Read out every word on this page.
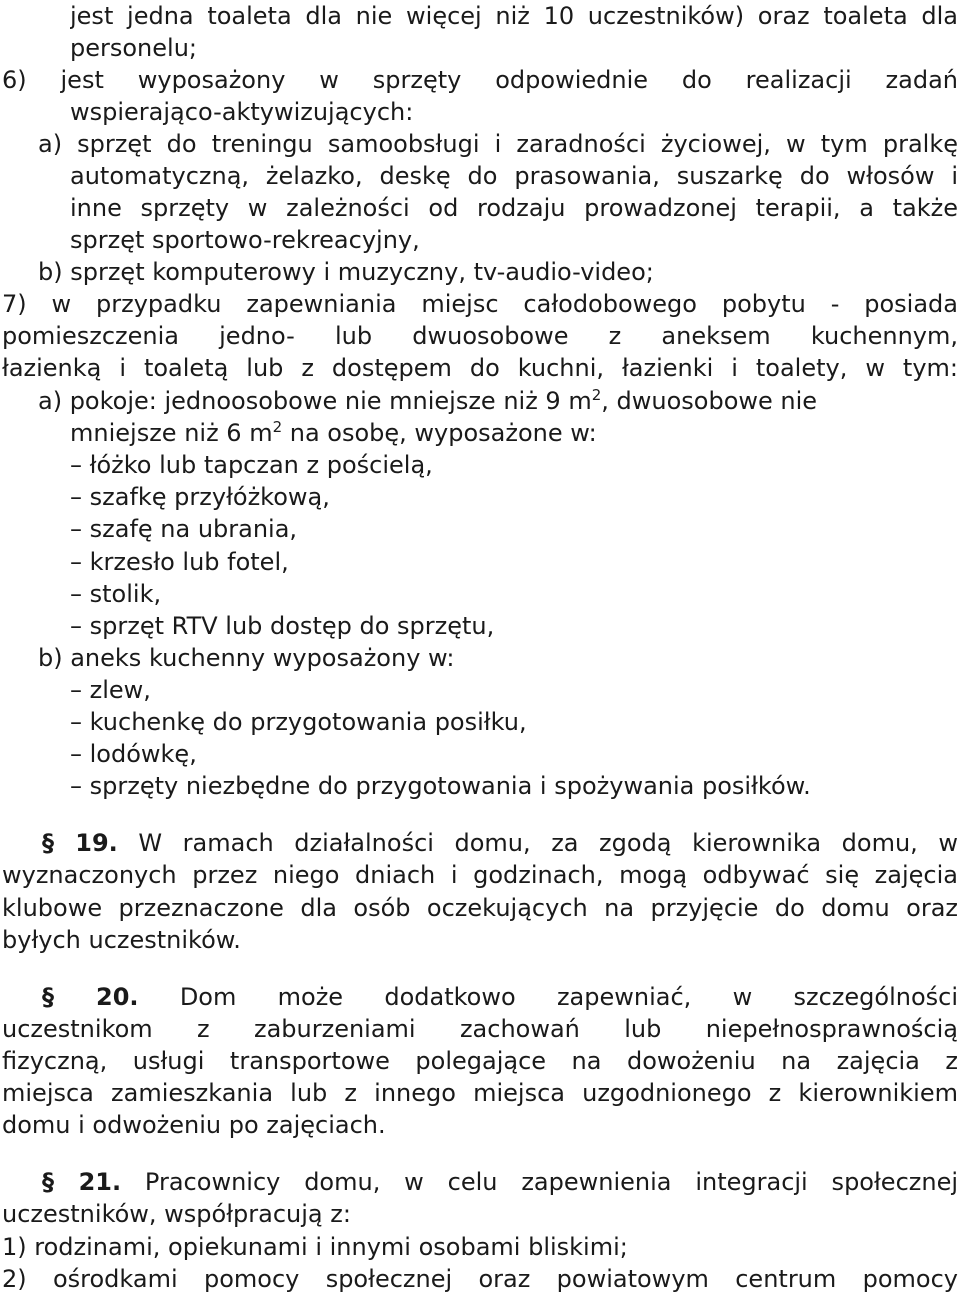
jest jedna toaleta dla nie więcej niż 10 uczestników) oraz toaleta dla
personelu;
6) jest wyposażony w sprzęty odpowiednie do realizacji zadań
wspierająco-aktywizujących:
a) sprzęt do treningu samoobsługi i zaradności życiowej, w tym pralkę
automatyczną, żelazko, deskę do prasowania, suszarkę do włosów i
inne sprzęty w zależności od rodzaju prowadzonej terapii, a także
sprzęt sportowo-rekreacyjny,
b) sprzęt komputerowy i muzyczny, tv-audio-video;
7) w przypadku zapewniania miejsc całodobowego pobytu - posiada
pomieszczenia jedno- lub dwuosobowe z aneksem kuchennym,
łazienką i toaletą lub z dostępem do kuchni, łazienki i toalety, w tym:
a) pokoje: jednoosobowe nie mniejsze niż 9 $m^2$, dwuosobowe nie
mniejsze niż 6 $m^2$ na osobę, wyposażone w:
– łóżko lub tapczan z pościelą,
– szafkę przyłóżkową,
– szafę na ubrania,
– krzesło lub fotel,
– stolik,
– sprzęt RTV lub dostęp do sprzętu,
b) aneks kuchenny wyposażony w:
– zlew,
– kuchenkę do przygotowania posiłku,
– lodówkę,
– sprzęty niezbędne do przygotowania i spożywania posiłków.
§ 19. W ramach działalności domu, za zgodą kierownika domu, w
wyznaczonych przez niego dniach i godzinach, mogą odbywać się zajęcia
klubowe przeznaczone dla osób oczekujących na przyjęcie do domu oraz
byłych uczestników.
§ 20. Dom może dodatkowo zapewniać, w szczególności
uczestnikom z zaburzeniami zachowań lub niepełnosprawnością
fizyczną, usługi transportowe polegające na dowożeniu na zajęcia z
miejsca zamieszkania lub z innego miejsca uzgodnionego z kierownikiem
domu i odwożeniu po zajęciach.
§ 21. Pracownicy domu, w celu zapewnienia integracji społecznej
uczestników, współpracują z:
1) rodzinami, opiekunami i innymi osobami bliskimi;
2) ośrodkami pomocy społecznej oraz powiatowym centrum pomocy
